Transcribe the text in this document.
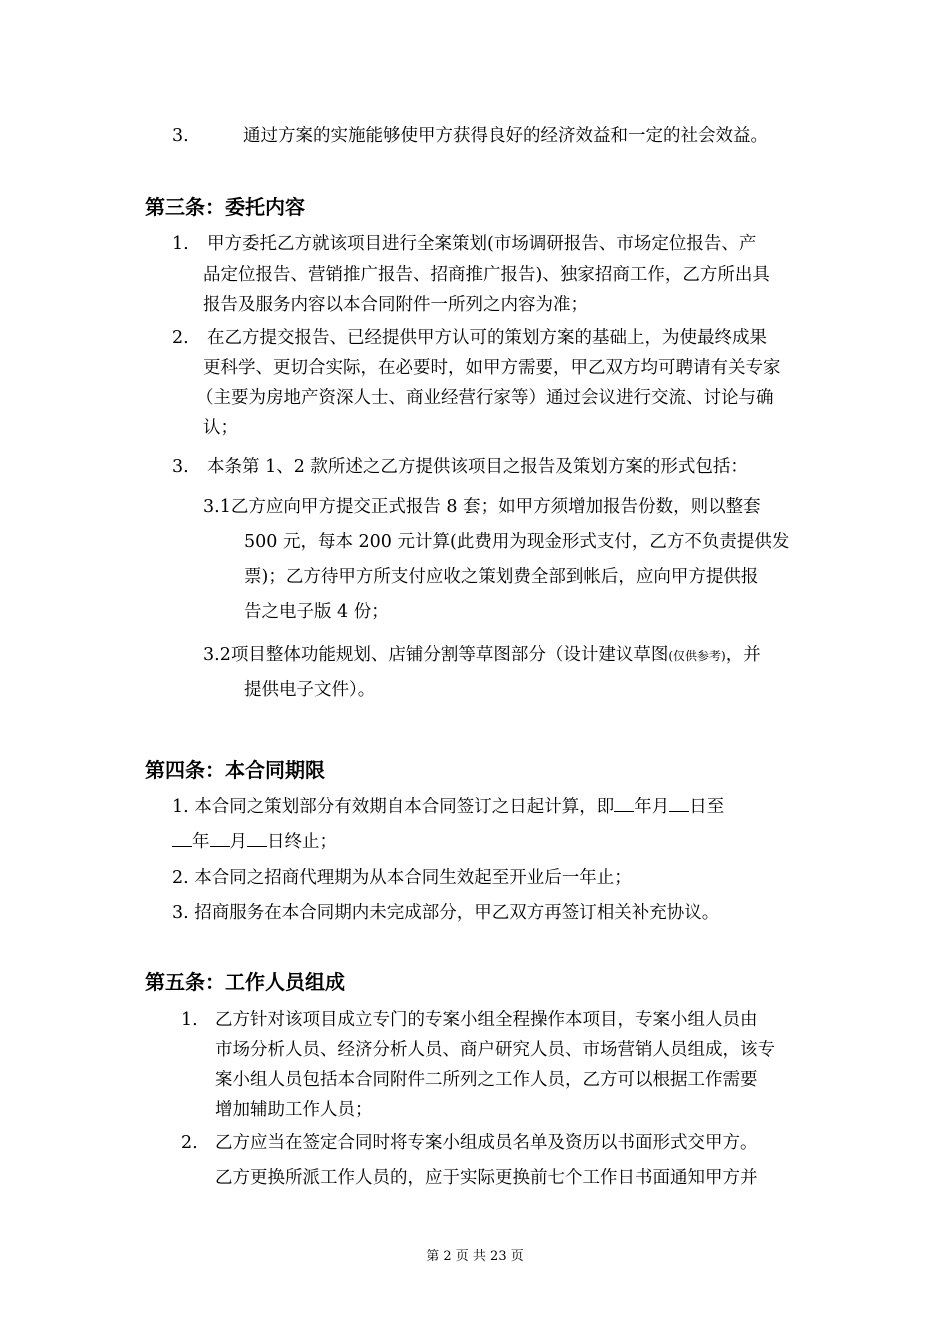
3.	通过方案的实施能够使甲方获得良好的经济效益和一定的社会效益。
第三条：委托内容
1. 甲方委托乙方就该项目进行全案策划(市场调研报告、市场定位报告、产
品定位报告、营销推广报告、招商推广报告)、独家招商工作，乙方所出具
报告及服务内容以本合同附件一所列之内容为准；
2. 在乙方提交报告、已经提供甲方认可的策划方案的基础上，为使最终成果
更科学、更切合实际，在必要时，如甲方需要，甲乙双方均可聘请有关专家
（主要为房地产资深人士、商业经营行家等）通过会议进行交流、讨论与确
认；
3. 本条第 1、2 款所述之乙方提供该项目之报告及策划方案的形式包括：
3.1乙方应向甲方提交正式报告 8 套；如甲方须增加报告份数，则以整套
500 元，每本 200 元计算(此费用为现金形式支付，乙方不负责提供发
票)；乙方待甲方所支付应收之策划费全部到帐后，应向甲方提供报
告之电子版 4 份；
3.2项目整体功能规划、店铺分割等草图部分（设计建议草图(仅供参考)，并
提供电子文件）。
第四条：本合同期限
1. 本合同之策划部分有效期自本合同签订之日起计算，即 年月 日至
年 月 日终止；
2. 本合同之招商代理期为从本合同生效起至开业后一年止；
3. 招商服务在本合同期内未完成部分，甲乙双方再签订相关补充协议。
第五条：工作人员组成
1. 乙方针对该项目成立专门的专案小组全程操作本项目，专案小组人员由
市场分析人员、经济分析人员、商户研究人员、市场营销人员组成，该专
案小组人员包括本合同附件二所列之工作人员，乙方可以根据工作需要
增加辅助工作人员；
2. 乙方应当在签定合同时将专案小组成员名单及资历以书面形式交甲方。
乙方更换所派工作人员的，应于实际更换前七个工作日书面通知甲方并
第 2 页 共 23 页
